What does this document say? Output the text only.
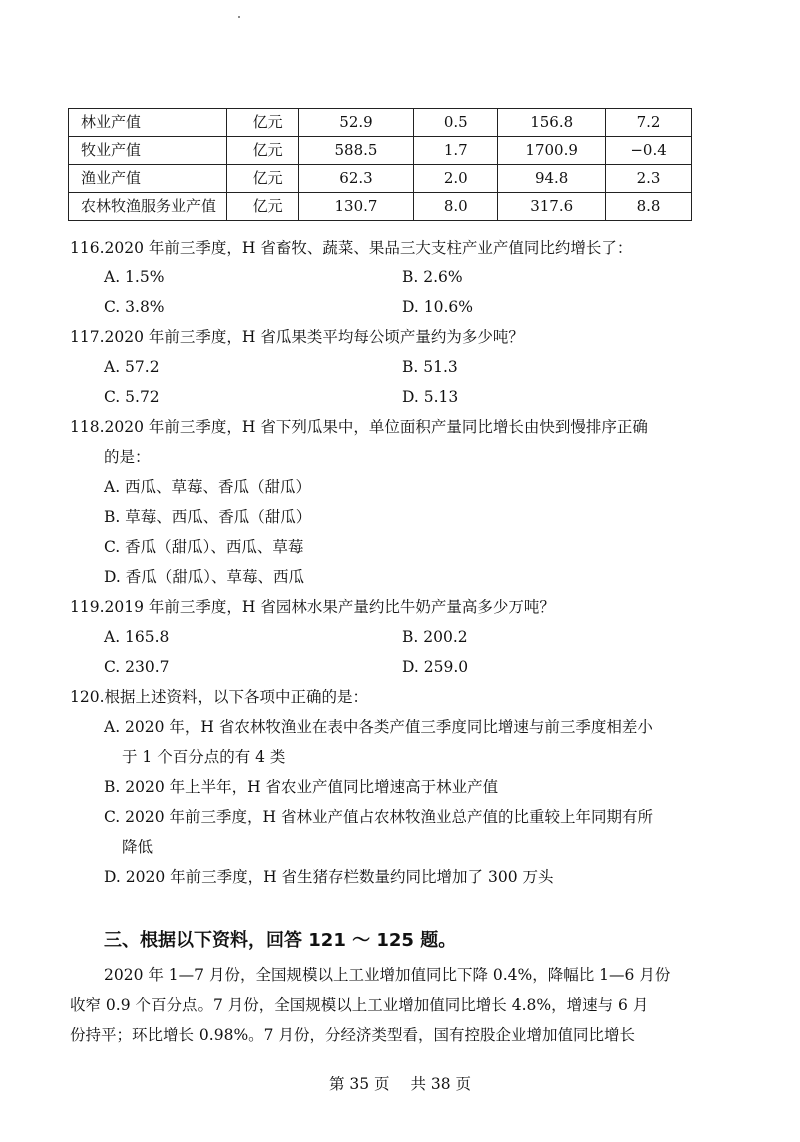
林业产值	亿元	52.9	0.5	156.8	7.2
牧业产值	亿元	588.5	1.7	1700.9	−0.4
渔业产值	亿元	62.3	2.0	94.8	2.3
农林牧渔服务业产值	亿元	130.7	8.0	317.6	8.8
116.2020 年前三季度，H 省畜牧、蔬菜、果品三大支柱产业产值同比约增长了：
A. 1.5%	B. 2.6%
C. 3.8%	D. 10.6%
117.2020 年前三季度，H 省瓜果类平均每公顷产量约为多少吨？
A. 57.2	B. 51.3
C. 5.72	D. 5.13
118.2020 年前三季度，H 省下列瓜果中，单位面积产量同比增长由快到慢排序正确
的是：
A. 西瓜、草莓、香瓜（甜瓜）
B. 草莓、西瓜、香瓜（甜瓜）
C. 香瓜（甜瓜）、西瓜、草莓
D. 香瓜（甜瓜）、草莓、西瓜
119.2019 年前三季度，H 省园林水果产量约比牛奶产量高多少万吨？
A. 165.8	B. 200.2
C. 230.7	D. 259.0
120.根据上述资料，以下各项中正确的是：
A. 2020 年，H 省农林牧渔业在表中各类产值三季度同比增速与前三季度相差小
于 1 个百分点的有 4 类
B. 2020 年上半年，H 省农业产值同比增速高于林业产值
C. 2020 年前三季度，H 省林业产值占农林牧渔业总产值的比重较上年同期有所
降低
D. 2020 年前三季度，H 省生猪存栏数量约同比增加了 300 万头
三、根据以下资料，回答 121 ～ 125 题。
2020 年 1—7 月份，全国规模以上工业增加值同比下降 0.4%，降幅比 1—6 月份
收窄 0.9 个百分点。7 月份，全国规模以上工业增加值同比增长 4.8%，增速与 6 月
份持平；环比增长 0.98%。7 月份，分经济类型看，国有控股企业增加值同比增长
第 35 页 共 38 页
